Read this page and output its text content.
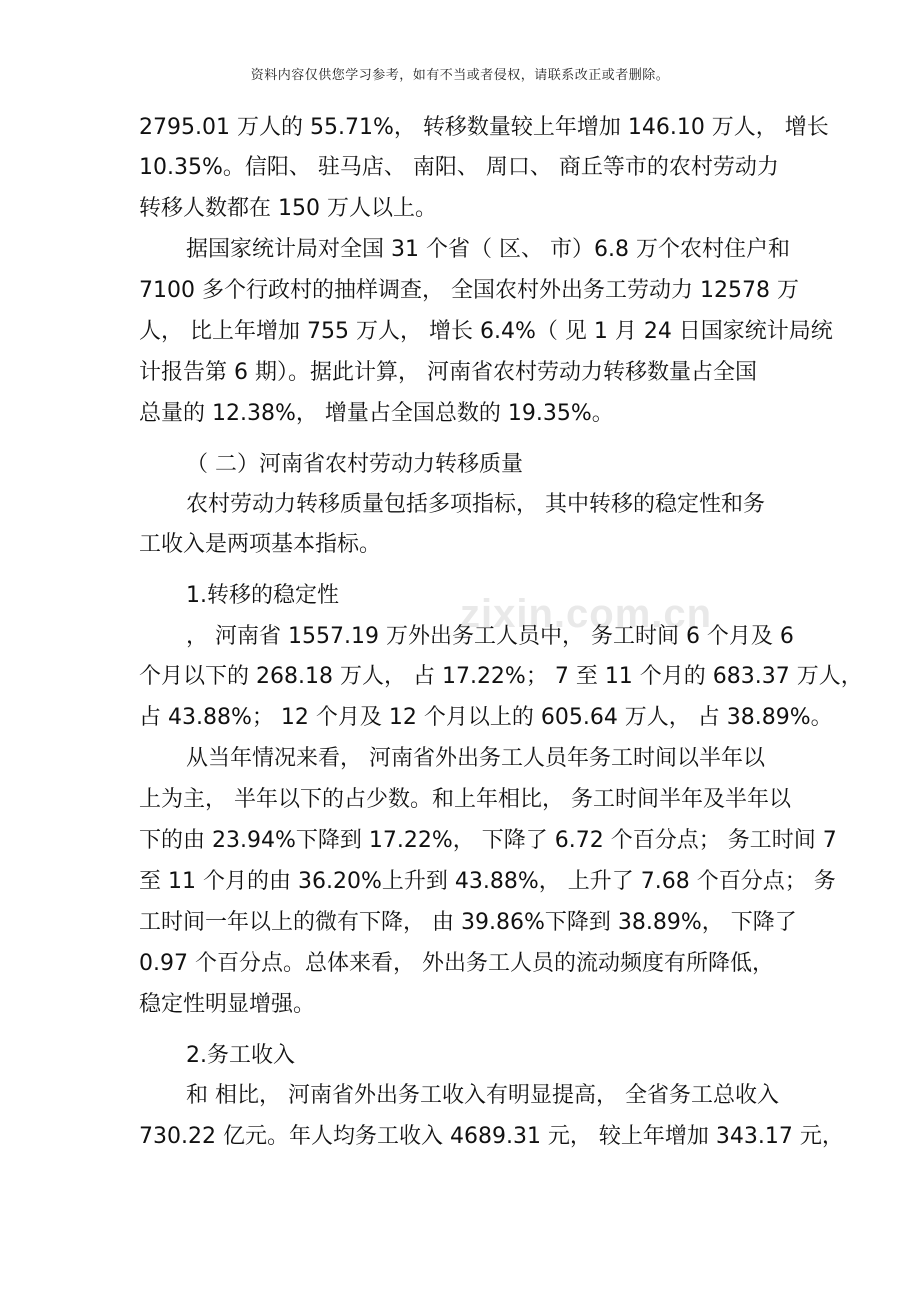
资料内容仅供您学习参考，如有不当或者侵权，请联系改正或者删除。
zixin.com.cn
2795.01 万人的 55.71%， 转移数量较上年增加 146.10 万人， 增长
10.35%。信阳、 驻马店、 南阳、 周口、 商丘等市的农村劳动力
转移人数都在 150 万人以上。
据国家统计局对全国 31 个省（ 区、 市）6.8 万个农村住户和
7100 多个行政村的抽样调查， 全国农村外出务工劳动力 12578 万
人， 比上年增加 755 万人， 增长 6.4%（ 见 1 月 24 日国家统计局统
计报告第 6 期）。据此计算， 河南省农村劳动力转移数量占全国
总量的 12.38%， 增量占全国总数的 19.35%。
（ 二）河南省农村劳动力转移质量
农村劳动力转移质量包括多项指标， 其中转移的稳定性和务
工收入是两项基本指标。
1.转移的稳定性
， 河南省 1557.19 万外出务工人员中， 务工时间 6 个月及 6
个月以下的 268.18 万人， 占 17.22%； 7 至 11 个月的 683.37 万人，
占 43.88%； 12 个月及 12 个月以上的 605.64 万人， 占 38.89%。
从当年情况来看， 河南省外出务工人员年务工时间以半年以
上为主， 半年以下的占少数。和上年相比， 务工时间半年及半年以
下的由 23.94%下降到 17.22%， 下降了 6.72 个百分点； 务工时间 7
至 11 个月的由 36.20%上升到 43.88%， 上升了 7.68 个百分点； 务
工时间一年以上的微有下降， 由 39.86%下降到 38.89%， 下降了
0.97 个百分点。总体来看， 外出务工人员的流动频度有所降低，
稳定性明显增强。
2.务工收入
和 相比， 河南省外出务工收入有明显提高， 全省务工总收入
730.22 亿元。年人均务工收入 4689.31 元， 较上年增加 343.17 元，
